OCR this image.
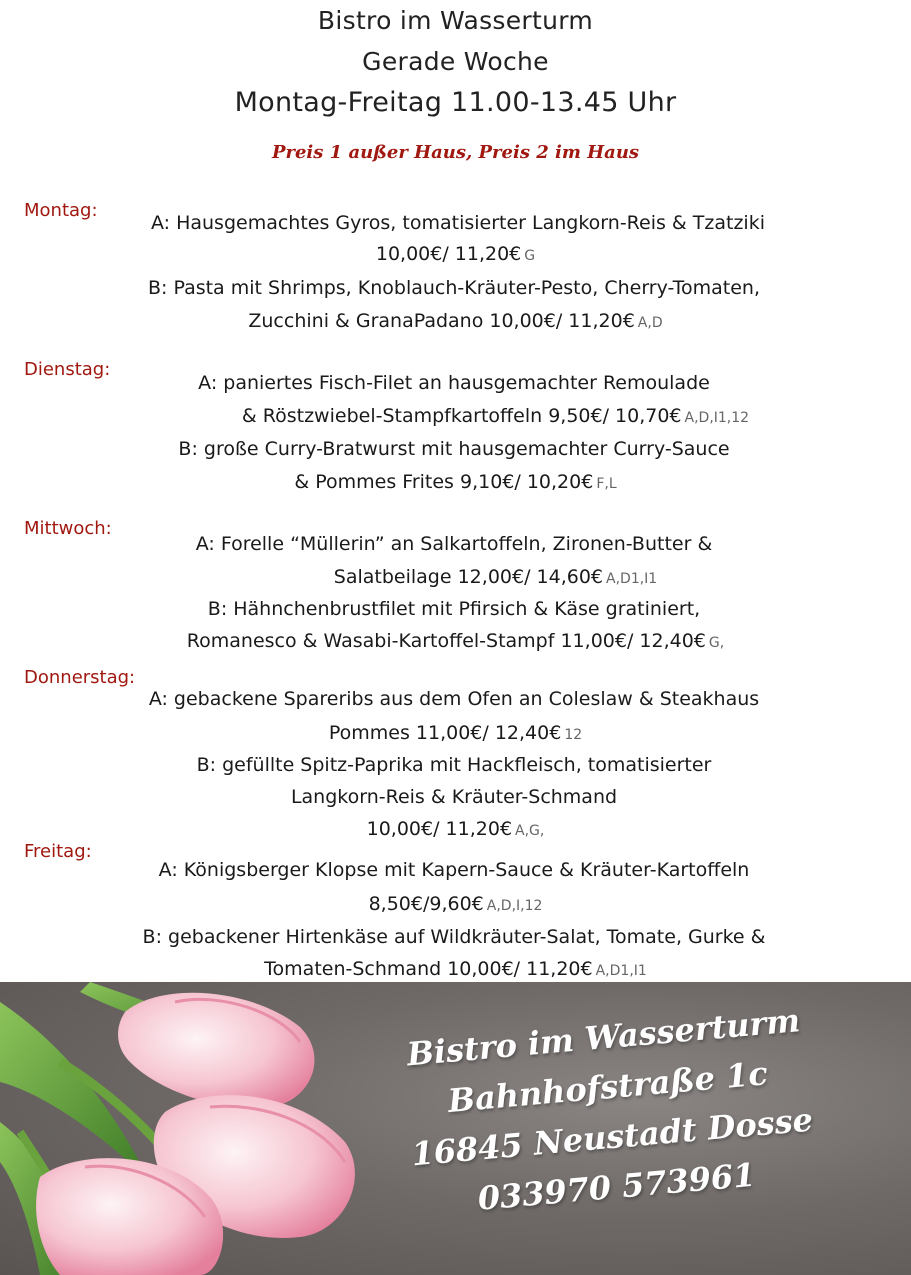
Bistro im Wasserturm
Gerade Woche
Montag-Freitag 11.00-13.45 Uhr
Preis 1 außer Haus, Preis 2 im Haus
Montag:
A: Hausgemachtes Gyros, tomatisierter Langkorn-Reis & Tzatziki
10,00€/ 11,20€ G
B: Pasta mit Shrimps, Knoblauch-Kräuter-Pesto, Cherry-Tomaten,
Zucchini & GranaPadano 10,00€/ 11,20€ A,D
Dienstag:
A: paniertes Fisch-Filet an hausgemachter Remoulade
& Röstzwiebel-Stampfkartoffeln 9,50€/ 10,70€ A,D,I1,12
B: große Curry-Bratwurst mit hausgemachter Curry-Sauce
& Pommes Frites 9,10€/ 10,20€ F,L
Mittwoch:
A: Forelle “Müllerin” an Salkartoffeln, Zironen-Butter &
Salatbeilage 12,00€/ 14,60€ A,D1,I1
B: Hähnchenbrustfilet mit Pfirsich & Käse gratiniert,
Romanesco & Wasabi-Kartoffel-Stampf 11,00€/ 12,40€ G,
Donnerstag:
A: gebackene Spareribs aus dem Ofen an Coleslaw & Steakhaus
Pommes 11,00€/ 12,40€ 12
B: gefüllte Spitz-Paprika mit Hackfleisch, tomatisierter
Langkorn-Reis & Kräuter-Schmand
10,00€/ 11,20€ A,G,
Freitag:
A: Königsberger Klopse mit Kapern-Sauce & Kräuter-Kartoffeln
8,50€/9,60€ A,D,I,12
B: gebackener Hirtenkäse auf Wildkräuter-Salat, Tomate, Gurke &
Tomaten-Schmand 10,00€/ 11,20€ A,D1,I1
Bistro im Wasserturm
Bahnhofstraße 1c
16845 Neustadt Dosse
033970 573961
